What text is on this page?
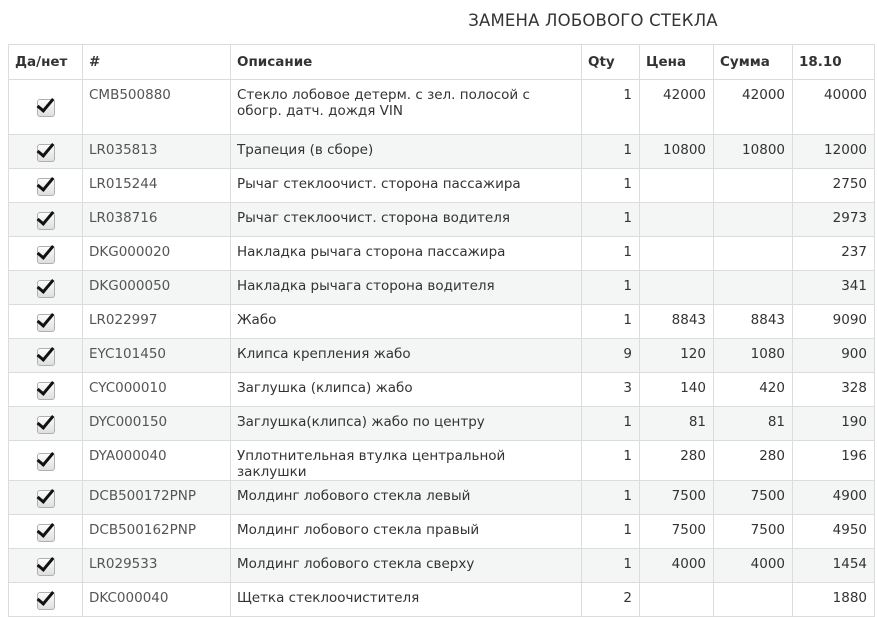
ЗАМЕНА ЛОБОВОГО СТЕКЛА
Да/нет	#	Описание	Qty	Цена	Сумма	18.10
	CMB500880	Стекло лобовое детерм. с зел. полосой с обогр. датч. дождя VIN	1	42000	42000	40000
	LR035813	Трапеция (в сборе)	1	10800	10800	12000
	LR015244	Рычаг стеклоочист. сторона пассажира	1			2750
	LR038716	Рычаг стеклоочист. сторона водителя	1			2973
	DKG000020	Накладка рычага сторона пассажира	1			237
	DKG000050	Накладка рычага сторона водителя	1			341
	LR022997	Жабо	1	8843	8843	9090
	EYC101450	Клипса крепления жабо	9	120	1080	900
	CYC000010	Заглушка (клипса) жабо	3	140	420	328
	DYC000150	Заглушка(клипса) жабо по центру	1	81	81	190
	DYA000040	Уплотнительная втулка центральной заклушки	1	280	280	196
	DCB500172PNP	Молдинг лобового стекла левый	1	7500	7500	4900
	DCB500162PNP	Молдинг лобового стекла правый	1	7500	7500	4950
	LR029533	Молдинг лобового стекла сверху	1	4000	4000	1454
	DKC000040	Щетка стеклоочистителя	2			1880
